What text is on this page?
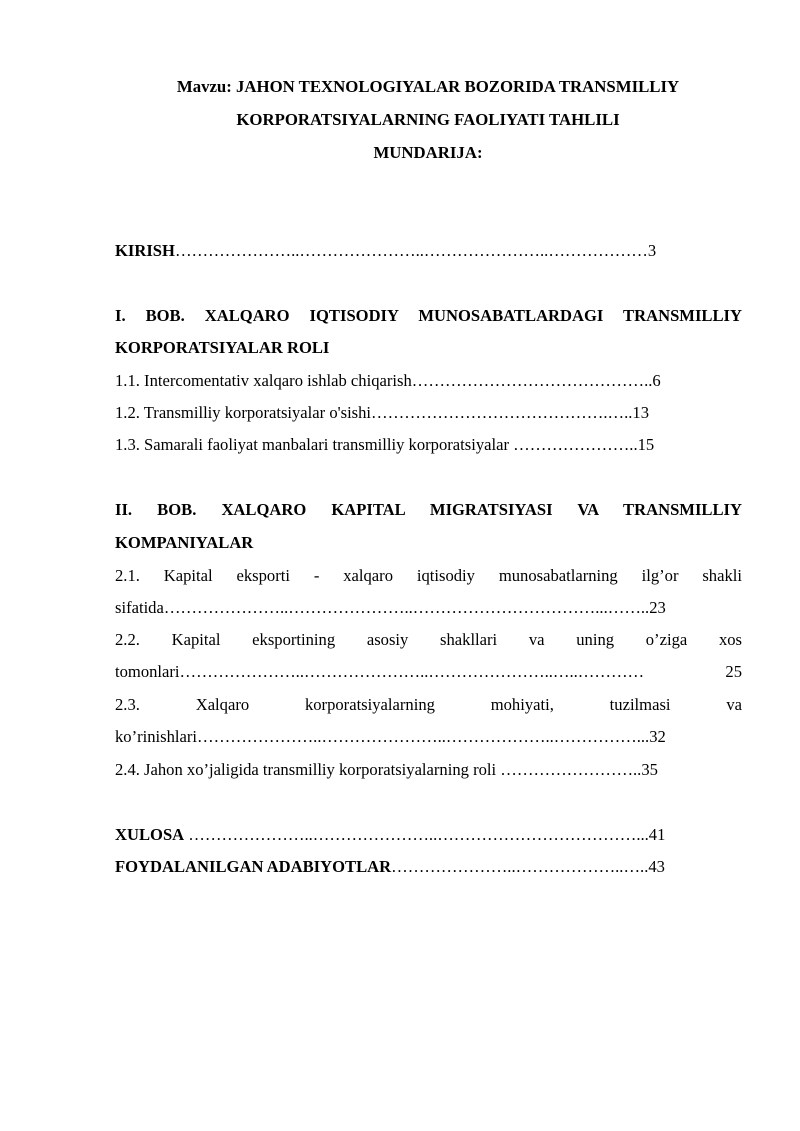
Mavzu: JAHON TEXNOLOGIYALAR BOZORIDA TRANSMILLIY
KORPORATSIYALARNING FAOLIYATI TAHLILI
MUNDARIJA:
KIRISH…………………..…………………..…………………..………………3
I. BOB. XALQARO IQTISODIY MUNOSABATLARDAGI TRANSMILLIY
KORPORATSIYALAR ROLI
1.1. Intercomentativ xalqaro ishlab chiqarish……………………………………..6
1.2. Transmilliy korporatsiyalar o'sishi…………………………………….…..13
1.3. Samarali faoliyat manbalari transmilliy korporatsiyalar …………………..15
II. BOB. XALQARO KAPITAL MIGRATSIYASI VA TRANSMILLIY
KOMPANIYALAR
2.1. Kapital eksporti - xalqaro iqtisodiy munosabatlarning ilg’or shakli
sifatida…………………..…………………..……………………………...……..23
2.2. Kapital eksportining asosiy shakllari va uning o’ziga xos
tomonlari…………………..…………………..…………………..…..………… 25
2.3. Xalqaro korporatsiyalarning mohiyati, tuzilmasi va
ko’rinishlari…………………..…………………..………………..……………...32
2.4. Jahon xo’jaligida transmilliy korporatsiyalarning roli ……………………..35
XULOSA …………………..…………………..………………………………...41
FOYDALANILGAN ADABIYOTLAR…………………..………………..…..43
